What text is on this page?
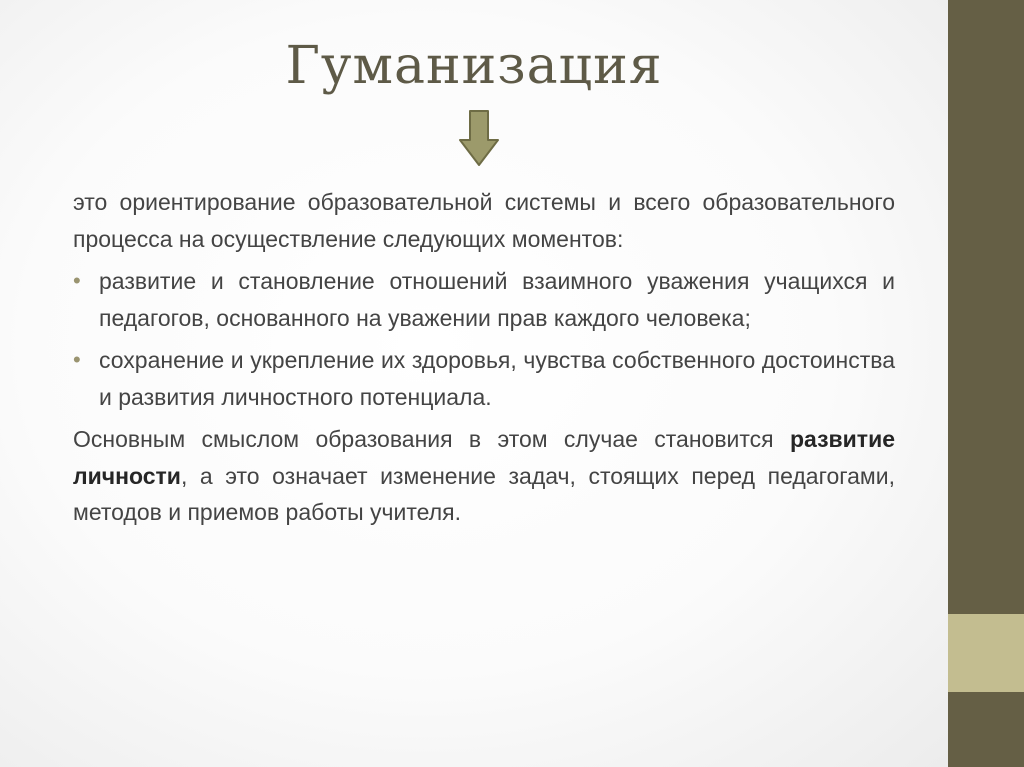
Гуманизация

это ориентирование образовательной системы и всего образовательного процесса на осуществление следующих моментов:

• развитие и становление отношений взаимного уважения учащихся и педагогов, основанного на уважении прав каждого человека;
• сохранение и укрепление их здоровья, чувства собственного достоинства и развития личностного потенциала.

Основным смыслом образования в этом случае становится развитие личности, а это означает изменение задач, стоящих перед педагогами, методов и приемов работы учителя.
